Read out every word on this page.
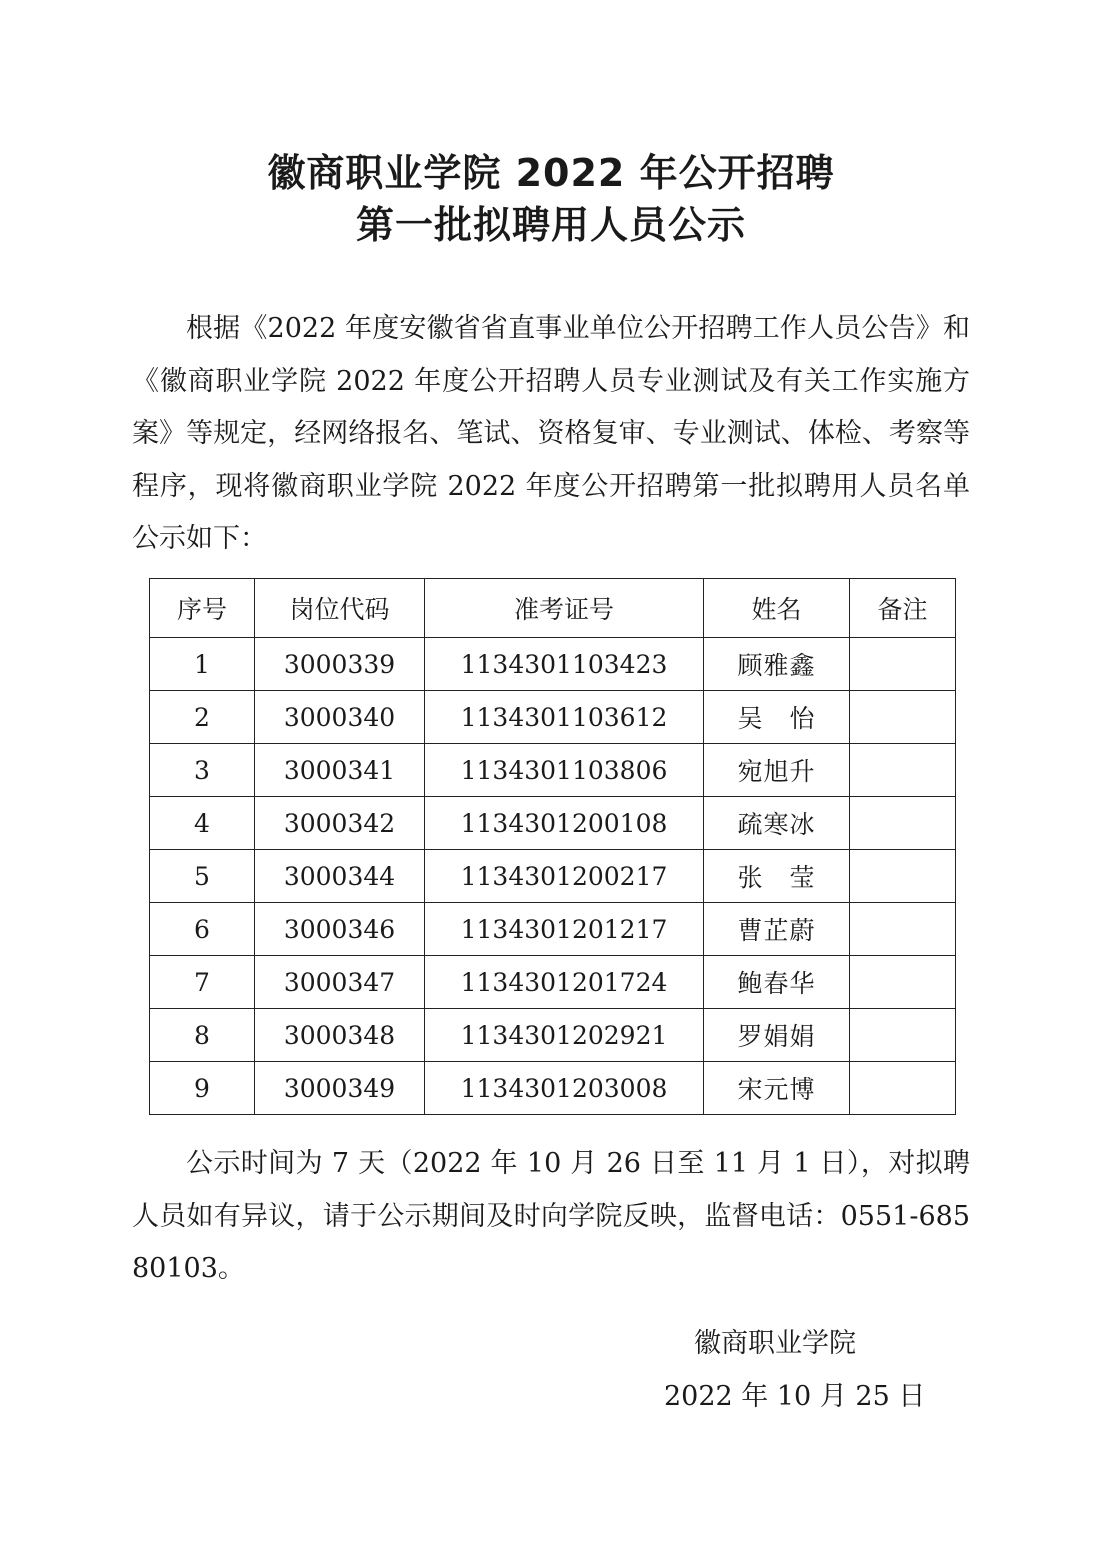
徽商职业学院 2022 年公开招聘
第一批拟聘用人员公示

根据《2022 年度安徽省省直事业单位公开招聘工作人员公告》和《徽商职业学院 2022 年度公开招聘人员专业测试及有关工作实施方案》等规定，经网络报名、笔试、资格复审、专业测试、体检、考察等程序，现将徽商职业学院 2022 年度公开招聘第一批拟聘用人员名单公示如下：

序号	岗位代码	准考证号	姓名	备注
1	3000339	1134301103423	顾雅鑫	
2	3000340	1134301103612	吴　怡	
3	3000341	1134301103806	宛旭升	
4	3000342	1134301200108	疏寒冰	
5	3000344	1134301200217	张　莹	
6	3000346	1134301201217	曹芷蔚	
7	3000347	1134301201724	鲍春华	
8	3000348	1134301202921	罗娟娟	
9	3000349	1134301203008	宋元博	

公示时间为 7 天（2022 年 10 月 26 日至 11 月 1 日），对拟聘人员如有异议，请于公示期间及时向学院反映，监督电话：0551-68580103。

徽商职业学院
2022 年 10 月 25 日
